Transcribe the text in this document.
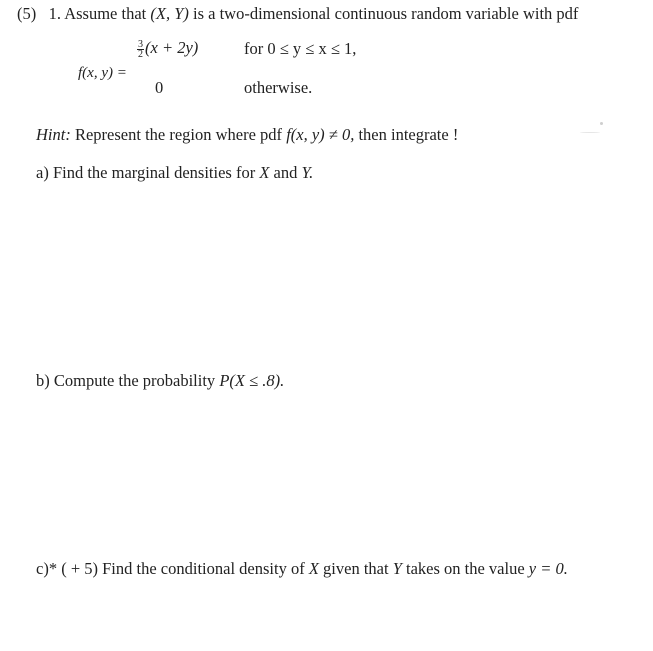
(5) 1. Assume that (X, Y) is a two-dimensional continuous random variable with pdf
f(x, y) =
$\frac{3}{2} (x + 2y)$	for 0 ≤ y ≤ x ≤ 1,
0	otherwise.
Hint: Represent the region where pdf f(x, y) ≠ 0, then integrate !
a) Find the marginal densities for X and Y.
b) Compute the probability P(X ≤ .8).
c)* ( + 5) Find the conditional density of X given that Y takes on the value y = 0.
